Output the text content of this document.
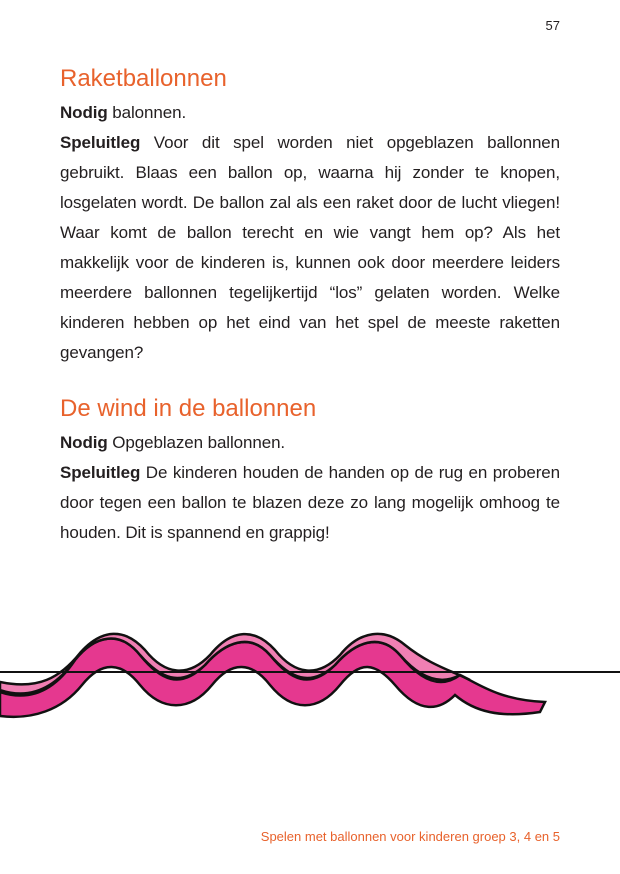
57
Raketballonnen

Nodig balonnen.

Speluitleg Voor dit spel worden niet opgeblazen ballonnen gebruikt. Blaas een ballon op, waarna hij zonder te knopen, losgelaten wordt. De ballon zal als een raket door de lucht vliegen! Waar komt de ballon terecht en wie vangt hem op? Als het makkelijk voor de kinderen is, kunnen ook door meerdere leiders meerdere ballonnen tegelijkertijd “los” gelaten worden. Welke kinderen hebben op het eind van het spel de meeste raketten gevangen?

De wind in de ballonnen

Nodig Opgeblazen ballonnen.

Speluitleg De kinderen houden de handen op de rug en proberen door tegen een ballon te blazen deze zo lang mogelijk omhoog te houden. Dit is spannend en grappig!

Spelen met ballonnen voor kinderen groep 3, 4 en 5
